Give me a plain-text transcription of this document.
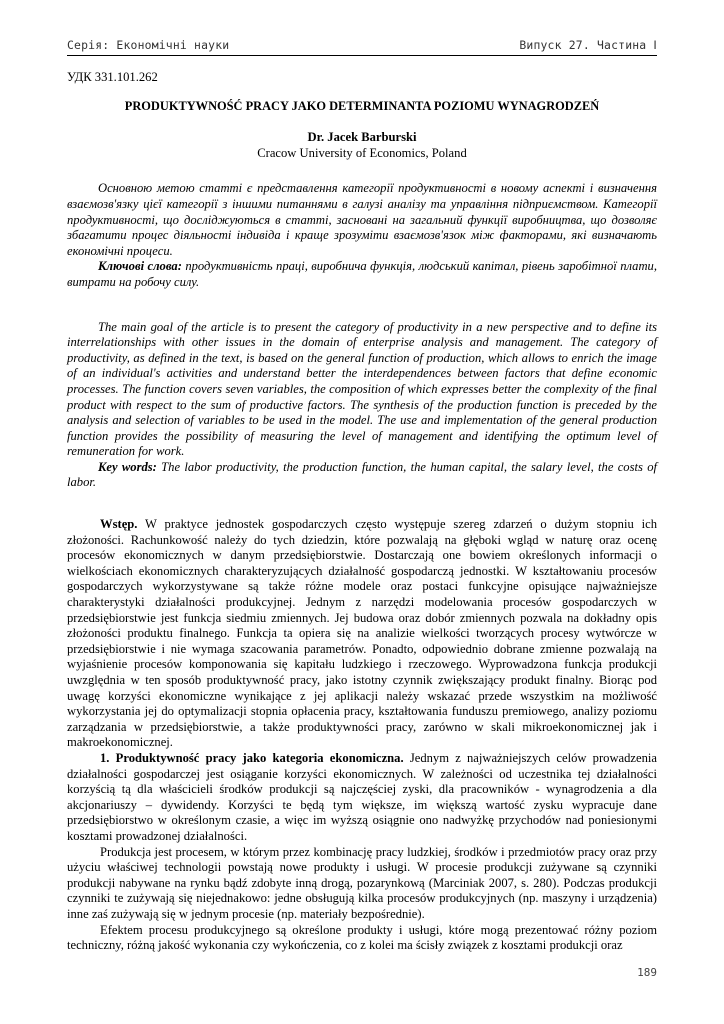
Серія: Економічні науки	Випуск 27. Частина Ⅰ

УДК 331.101.262

PRODUKTYWNOŚĆ PRACY JAKO DETERMINANTA POZIOMU WYNAGRODZEŃ

Dr. Jacek Barburski

Cracow University of Economics, Poland

Основною метою статті є представлення категорії продуктивності в новому аспекті і визначення взаємозв'язку цієї категорії з іншими питаннями в галузі аналізу та управління підприємством. Категорії продуктивності, що досліджуються в статті, засновані на загальний функції виробництва, що дозволяє збагатити процес діяльності індивіда і краще зрозуміти взаємозв'язок між факторами, які визначають економічні процеси.

Ключові слова: продуктивність праці, виробнича функція, людський капітал, рівень заробітної плати, витрати на робочу силу.

The main goal of the article is to present the category of productivity in a new perspective and to define its interrelationships with other issues in the domain of enterprise analysis and management. The category of productivity, as defined in the text, is based on the general function of production, which allows to enrich the image of an individual's activities and understand better the interdependences between factors that define economic processes. The function covers seven variables, the composition of which expresses better the complexity of the final product with respect to the sum of productive factors. The synthesis of the production function is preceded by the analysis and selection of variables to be used in the model. The use and implementation of the general production function provides the possibility of measuring the level of management and identifying the optimum level of remuneration for work.

Key words: The labor productivity, the production function, the human capital, the salary level, the costs of labor.

Wstęp. W praktyce jednostek gospodarczych często występuje szereg zdarzeń o dużym stopniu ich złożoności. Rachunkowość należy do tych dziedzin, które pozwalają na głęboki wgląd w naturę oraz ocenę procesów ekonomicznych w danym przedsiębiorstwie. Dostarczają one bowiem określonych informacji o wielkościach ekonomicznych charakteryzujących działalność gospodarczą jednostki. W kształtowaniu procesów gospodarczych wykorzystywane są także różne modele oraz postaci funkcyjne opisujące najważniejsze charakterystyki działalności produkcyjnej. Jednym z narzędzi modelowania procesów gospodarczych w przedsiębiorstwie jest funkcja siedmiu zmiennych. Jej budowa oraz dobór zmiennych pozwala na dokładny opis złożoności produktu finalnego. Funkcja ta opiera się na analizie wielkości tworzących procesy wytwórcze w przedsiębiorstwie i nie wymaga szacowania parametrów. Ponadto, odpowiednio dobrane zmienne pozwalają na wyjaśnienie procesów komponowania się kapitału ludzkiego i rzeczowego. Wyprowadzona funkcja produkcji uwzględnia w ten sposób produktywność pracy, jako istotny czynnik zwiększający produkt finalny. Biorąc pod uwagę korzyści ekonomiczne wynikające z jej aplikacji należy wskazać przede wszystkim na możliwość wykorzystania jej do optymalizacji stopnia opłacenia pracy, kształtowania funduszu premiowego, analizy poziomu zarządzania w przedsiębiorstwie, a także produktywności pracy, zarówno w skali mikroekonomicznej jak i makroekonomicznej.

1. Produktywność pracy jako kategoria ekonomiczna. Jednym z najważniejszych celów prowadzenia działalności gospodarczej jest osiąganie korzyści ekonomicznych. W zależności od uczestnika tej działalności korzyścią tą dla właścicieli środków produkcji są najczęściej zyski, dla pracowników - wynagrodzenia a dla akcjonariuszy – dywidendy. Korzyści te będą tym większe, im większą wartość zysku wypracuje dane przedsiębiorstwo w określonym czasie, a więc im wyższą osiągnie ono nadwyżkę przychodów nad poniesionymi kosztami prowadzonej działalności.

Produkcja jest procesem, w którym przez kombinację pracy ludzkiej, środków i przedmiotów pracy oraz przy użyciu właściwej technologii powstają nowe produkty i usługi. W procesie produkcji zużywane są czynniki produkcji nabywane na rynku bądź zdobyte inną drogą, pozarynkową (Marciniak 2007, s. 280). Podczas produkcji czynniki te zużywają się niejednakowo: jedne obsługują kilka procesów produkcyjnych (np. maszyny i urządzenia) inne zaś zużywają się w jednym procesie (np. materiały bezpośrednie).

Efektem procesu produkcyjnego są określone produkty i usługi, które mogą prezentować różny poziom techniczny, różną jakość wykonania czy wykończenia, co z kolei ma ścisły związek z kosztami produkcji oraz

189
